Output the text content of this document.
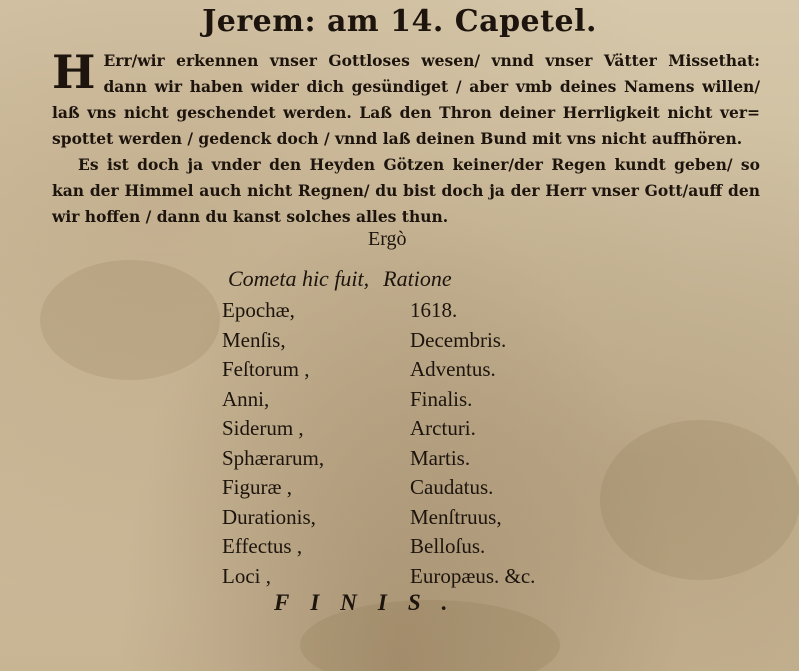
Jerem: am 14. Capetel.

H Err/wir erkennen vnser Gottloses wesen/ vnnd vnser Vätter Missethat: dann wir haben wider dich gesündiget / aber vmb deines Namens willen/ laß vns nicht geschendet werden. Laß den Thron deiner Herrligkeit nicht ver= spottet werden / gedenck doch / vnnd laß deinen Bund mit vns nicht auffhören.

Es ist doch ja vnder den Heyden Götzen keiner/der Regen kundt geben/ so kan der Himmel auch nicht Regnen/ du bist doch ja der Herr vnser Gott/auff den wir hoffen / dann du kanst solches alles thun.

Ergò
Cometa hic fuit, Ratione
Epochæ,	1618.
Menſis,	Decembris.
Feſtorum ,	Adventus.
Anni,	Finalis.
Siderum ,	Arcturi.
Sphærarum,	Martis.
Figuræ ,	Caudatus.
Durationis,	Menſtruus,
Effectus ,	Belloſus.
Loci ,	Europæus. &c.
FINIS.
